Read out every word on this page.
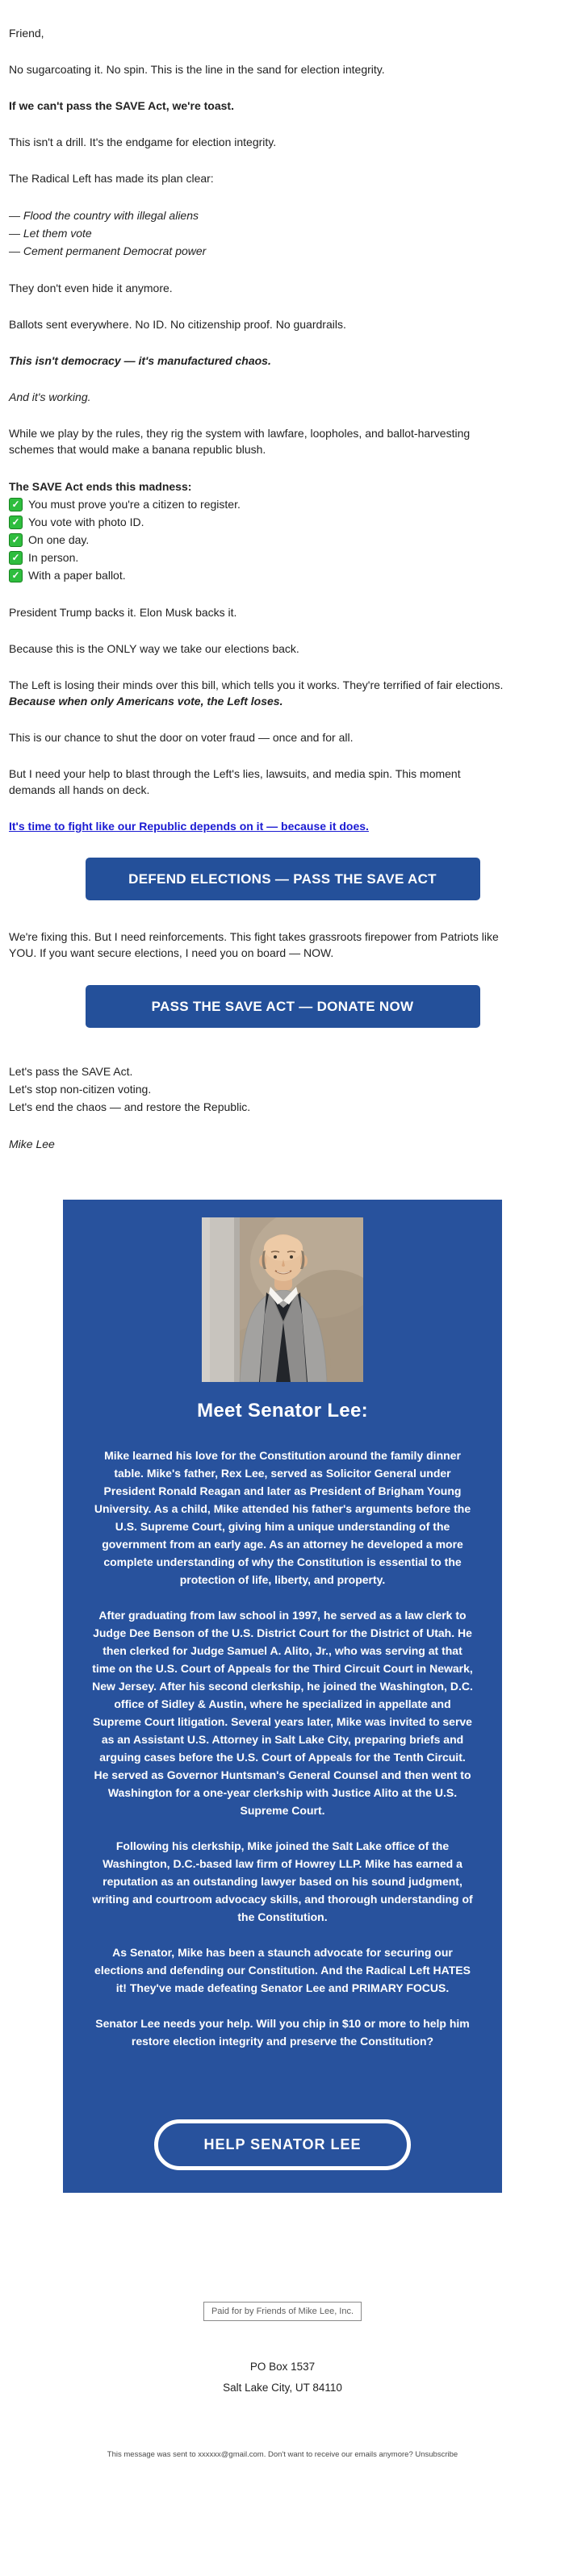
Friend,

No sugarcoating it. No spin. This is the line in the sand for election integrity.

If we can't pass the SAVE Act, we're toast.

This isn't a drill. It's the endgame for election integrity.

The Radical Left has made its plan clear:

— Flood the country with illegal aliens
— Let them vote
— Cement permanent Democrat power

They don't even hide it anymore.

Ballots sent everywhere. No ID. No citizenship proof. No guardrails.

This isn't democracy — it's manufactured chaos.

And it's working.

While we play by the rules, they rig the system with lawfare, loopholes, and ballot-harvesting schemes that would make a banana republic blush.

The SAVE Act ends this madness:
✓ You must prove you're a citizen to register.
✓ You vote with photo ID.
✓ On one day.
✓ In person.
✓ With a paper ballot.

President Trump backs it. Elon Musk backs it.

Because this is the ONLY way we take our elections back.

The Left is losing their minds over this bill, which tells you it works. They're terrified of fair elections. Because when only Americans vote, the Left loses.

This is our chance to shut the door on voter fraud — once and for all.

But I need your help to blast through the Left's lies, lawsuits, and media spin. This moment demands all hands on deck.

It's time to fight like our Republic depends on it — because it does.

DEFEND ELECTIONS — PASS THE SAVE ACT

We're fixing this. But I need reinforcements. This fight takes grassroots firepower from Patriots like YOU. If you want secure elections, I need you on board — NOW.

PASS THE SAVE ACT — DONATE NOW
Let's pass the SAVE Act.
Let's stop non-citizen voting.
Let's end the chaos — and restore the Republic.

Mike Lee

Meet Senator Lee:

Mike learned his love for the Constitution around the family dinner table. Mike's father, Rex Lee, served as Solicitor General under President Ronald Reagan and later as President of Brigham Young University. As a child, Mike attended his father's arguments before the U.S. Supreme Court, giving him a unique understanding of the government from an early age. As an attorney he developed a more complete understanding of why the Constitution is essential to the protection of life, liberty, and property.

After graduating from law school in 1997, he served as a law clerk to Judge Dee Benson of the U.S. District Court for the District of Utah. He then clerked for Judge Samuel A. Alito, Jr., who was serving at that time on the U.S. Court of Appeals for the Third Circuit Court in Newark, New Jersey. After his second clerkship, he joined the Washington, D.C. office of Sidley & Austin, where he specialized in appellate and Supreme Court litigation. Several years later, Mike was invited to serve as an Assistant U.S. Attorney in Salt Lake City, preparing briefs and arguing cases before the U.S. Court of Appeals for the Tenth Circuit. He served as Governor Huntsman's General Counsel and then went to Washington for a one-year clerkship with Justice Alito at the U.S. Supreme Court.

Following his clerkship, Mike joined the Salt Lake office of the Washington, D.C.-based law firm of Howrey LLP. Mike has earned a reputation as an outstanding lawyer based on his sound judgment, writing and courtroom advocacy skills, and thorough understanding of the Constitution.

As Senator, Mike has been a staunch advocate for securing our elections and defending our Constitution. And the Radical Left HATES it! They've made defeating Senator Lee and PRIMARY FOCUS.

Senator Lee needs your help. Will you chip in $10 or more to help him restore election integrity and preserve the Constitution?

HELP SENATOR LEE
Paid for by Friends of Mike Lee, Inc.
PO Box 1537
Salt Lake City, UT 84110
This message was sent to xxxxxx@gmail.com. Don't want to receive our emails anymore? Unsubscribe
